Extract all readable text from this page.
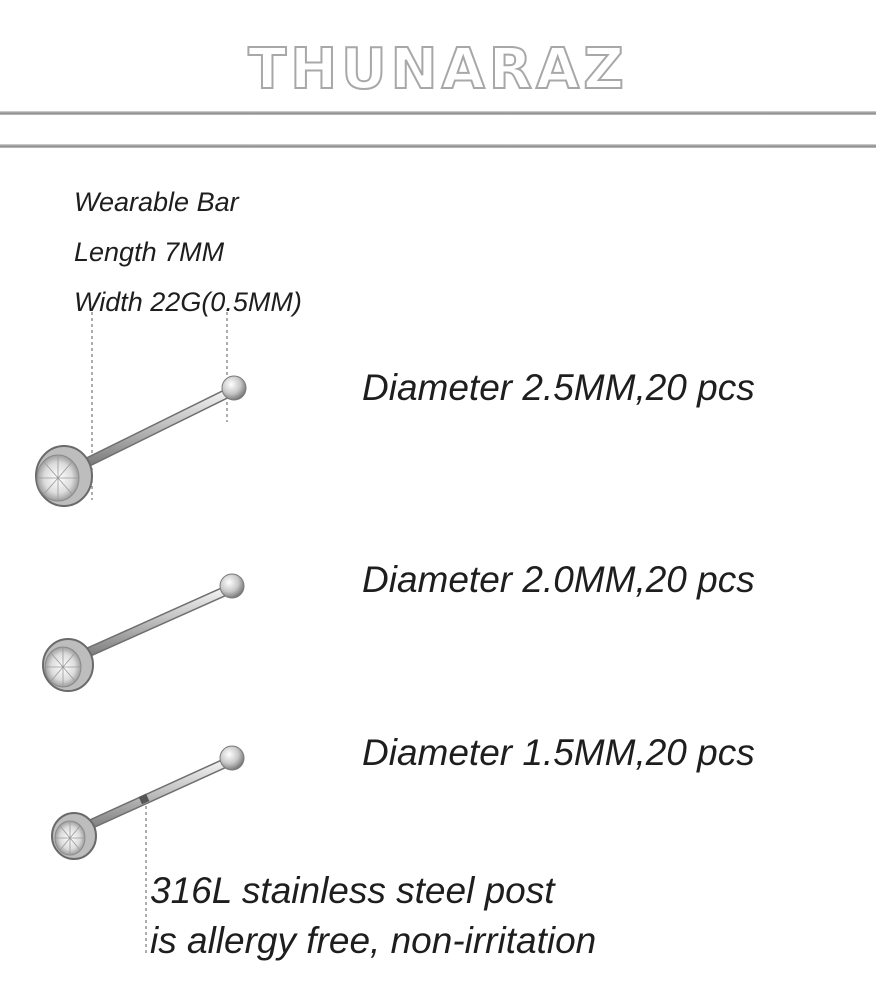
THUNARAZ
Wearable Bar
Length 7MM
Width 22G(0.5MM)
Diameter 2.5MM,20 pcs
Diameter 2.0MM,20 pcs
Diameter 1.5MM,20 pcs
316L stainless steel post
is allergy free, non-irritation
